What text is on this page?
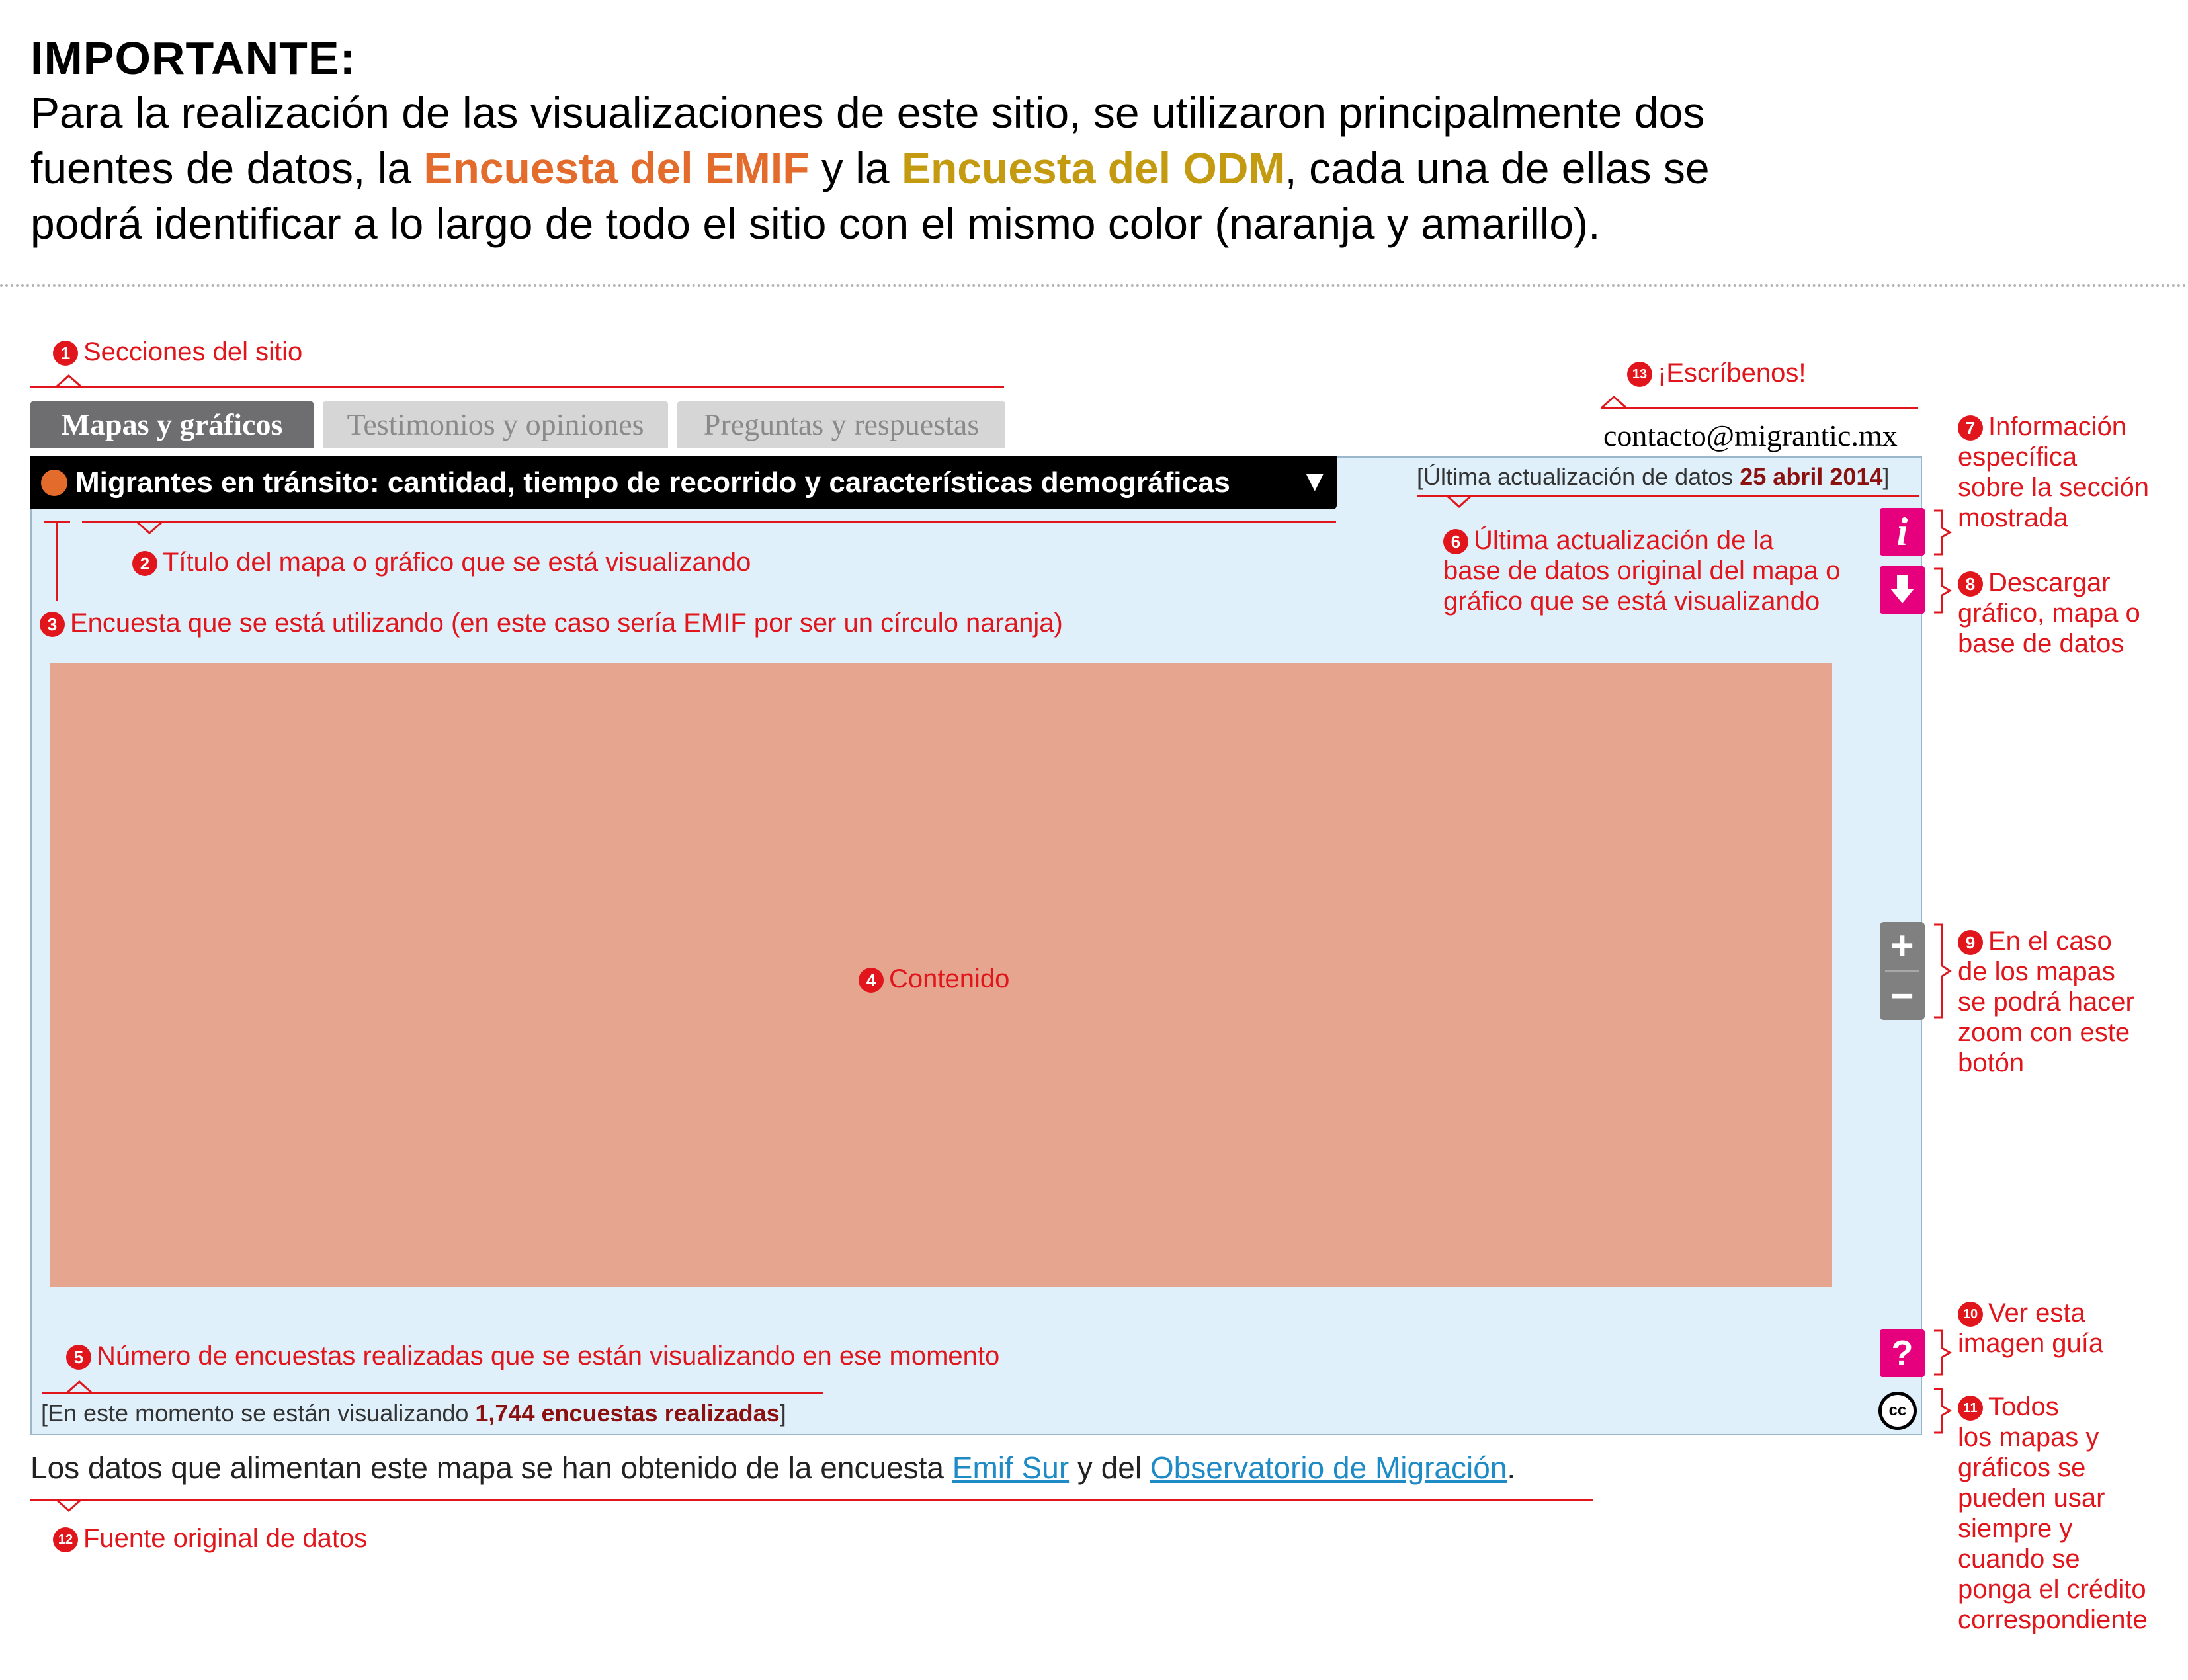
IMPORTANTE:
Para la realización de las visualizaciones de este sitio, se utilizaron principalmente dos
fuentes de datos, la Encuesta del EMIF y la Encuesta del ODM, cada una de ellas se
podrá identificar a lo largo de todo el sitio con el mismo color (naranja y amarillo).
1 Secciones del sitio
13 ¡Escríbenos!
Mapas y gráficos	Testimonios y opiniones	Preguntas y respuestas	contacto@migrantic.mx
Migrantes en tránsito: cantidad, tiempo de recorrido y características demográficas ▼	[Última actualización de datos 25 abril 2014]
2 Título del mapa o gráfico que se está visualizando
3 Encuesta que se está utilizando (en este caso sería EMIF por ser un círculo naranja)
6 Última actualización de la
base de datos original del mapa o
gráfico que se está visualizando
i
7 Información
específica
sobre la sección
mostrada
8 Descargar
gráfico, mapa o
base de datos
4 Contenido
+
−
9 En el caso
de los mapas
se podrá hacer
zoom con este
botón
5 Número de encuestas realizadas que se están visualizando en ese momento
[En este momento se están visualizando 1,744 encuestas realizadas]
?
cc
10 Ver esta
imagen guía
11 Todos
los mapas y
gráficos se
pueden usar
siempre y
cuando se
ponga el crédito
correspondiente
Los datos que alimentan este mapa se han obtenido de la encuesta Emif Sur y del Observatorio de Migración.
12 Fuente original de datos
